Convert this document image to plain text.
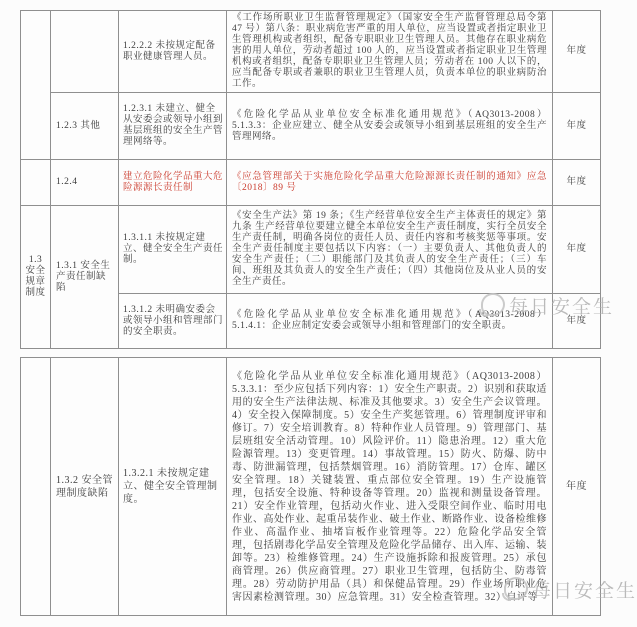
		1.2.2.2 未按规定配备职业健康管理人员。	《工作场所职业卫生监督管理规定》（国家安全生产监督管理总局令第 47 号）第八条：职业病危害严重的用人单位，应当设置或者指定职业卫生管理机构或者组织，配备专职职业卫生管理人员。其他存在职业病危害的用人单位，劳动者超过 100 人的，应当设置或者指定职业卫生管理机构或者组织，配备专职职业卫生管理人员；劳动者在 100 人以下的，应当配备专职或者兼职的职业卫生管理人员，负责本单位的职业病防治工作。	年度
	1.2.3 其他	1.2.3.1 未建立、健全从安委会或领导小组到基层班组的安全生产管理网络等。	《危险化学品从业单位安全标准化通用规范》（AQ3013-2008）5.1.3.3：企业应建立、健全从安委会或领导小组到基层班组的安全生产管理网络。	年度
	1.2.4	建立危险化学品重大危险源源长责任制	《应急管理部关于实施危险化学品重大危险源源长责任制的通知》应急〔2018〕89 号	年度
1.3 安全规章制度	1.3.1 安全生产责任制缺陷	1.3.1.1 未按规定建立、健全安全生产责任制。	《安全生产法》第 19 条；《生产经营单位安全生产主体责任的规定》第九条 生产经营单位要建立健全本单位安全生产责任制度，实行全员安全生产责任制，明确各岗位的责任人员、责任内容和考核奖惩等事项。安全生产责任制度主要包括以下内容：（一）主要负责人、其他负责人的安全生产责任；（二）职能部门及其负责人的安全生产责任；（三）车间、班组及其负责人的安全生产责任；（四）其他岗位及从业人员的安全生产责任。	年度
		1.3.1.2 未明确安委会或领导小组和管理部门的安全职责。	《危险化学品从业单位安全标准化通用规范》（AQ3013-2008）5.1.4.1：企业应制定安委会或领导小组和管理部门的安全职责。	年度
	1.3.2 安全管理制度缺陷	1.3.2.1 未按规定建立、健全安全管理制度。	《危险化学品从业单位安全标准化通用规范》（AQ3013-2008）5.3.3.1：至少应包括下列内容：1）安全生产职责。2）识别和获取适用的安全生产法律法规、标准及其他要求。3）安全生产会议管理。4）安全投入保障制度。5）安全生产奖惩管理。6）管理制度评审和修订。7）安全培训教育。8）特种作业人员管理。9）管理部门、基层班组安全活动管理。10）风险评价。11）隐患治理。12）重大危险源管理。13）变更管理。14）事故管理。15）防火、防爆、防中毒、防泄漏管理，包括禁烟管理。16）消防管理。17）仓库、罐区安全管理。18）关键装置、重点部位安全管理。19）生产设施管理，包括安全设施、特种设备等管理。20）监视和测量设备管理。21）安全作业管理，包括动火作业、进入受限空间作业、临时用电作业、高处作业、起重吊装作业、破土作业、断路作业、设备检维修作业、高温作业、抽堵盲板作业管理等。22）危险化学品安全管理，包括剧毒化学品安全管理及危险化学品储存、出入库、运输、装卸等。23）检维修管理。24）生产设施拆除和报废管理。25）承包商管理。26）供应商管理。27）职业卫生管理，包括防尘、防毒管理。28）劳动防护用品（具）和保健品管理。29）作业场所职业危害因素检测管理。30）应急管理。31）安全检查管理。32）自评等	年度
每日安全生
每日安全生
